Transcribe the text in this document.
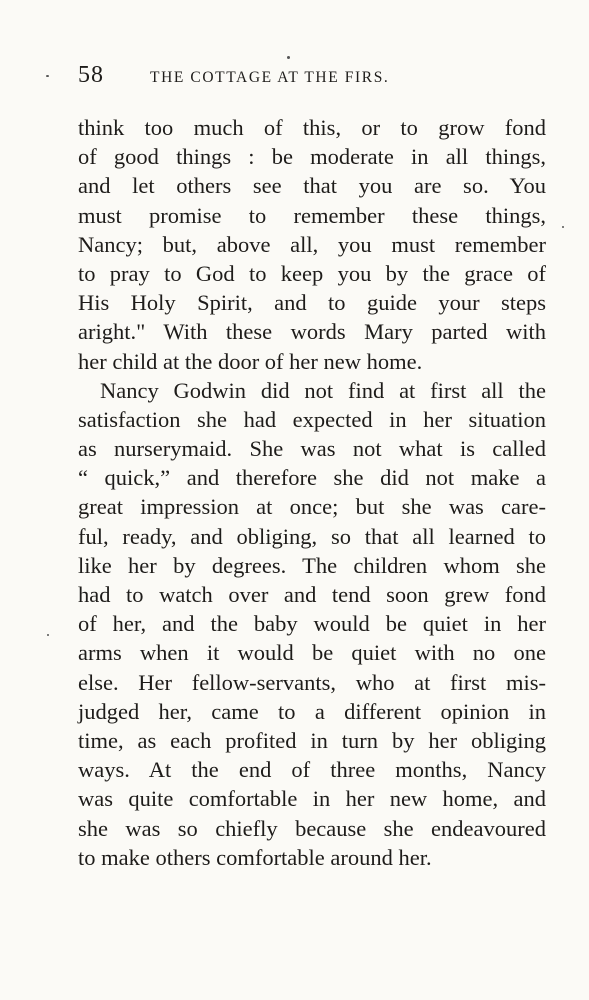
58	THE COTTAGE AT THE FIRS.
think too much of this, or to grow fond
of good things : be moderate in all things,
and let others see that you are so. You
must promise to remember these things,
Nancy; but, above all, you must remember
to pray to God to keep you by the grace of
His Holy Spirit, and to guide your steps
aright." With these words Mary parted with
her child at the door of her new home.
Nancy Godwin did not find at first all the
satisfaction she had expected in her situation
as nurserymaid. She was not what is called
“ quick,” and therefore she did not make a
great impression at once; but she was care-
ful, ready, and obliging, so that all learned to
like her by degrees. The children whom she
had to watch over and tend soon grew fond
of her, and the baby would be quiet in her
arms when it would be quiet with no one
else. Her fellow-servants, who at first mis-
judged her, came to a different opinion in
time, as each profited in turn by her obliging
ways. At the end of three months, Nancy
was quite comfortable in her new home, and
she was so chiefly because she endeavoured
to make others comfortable around her.
